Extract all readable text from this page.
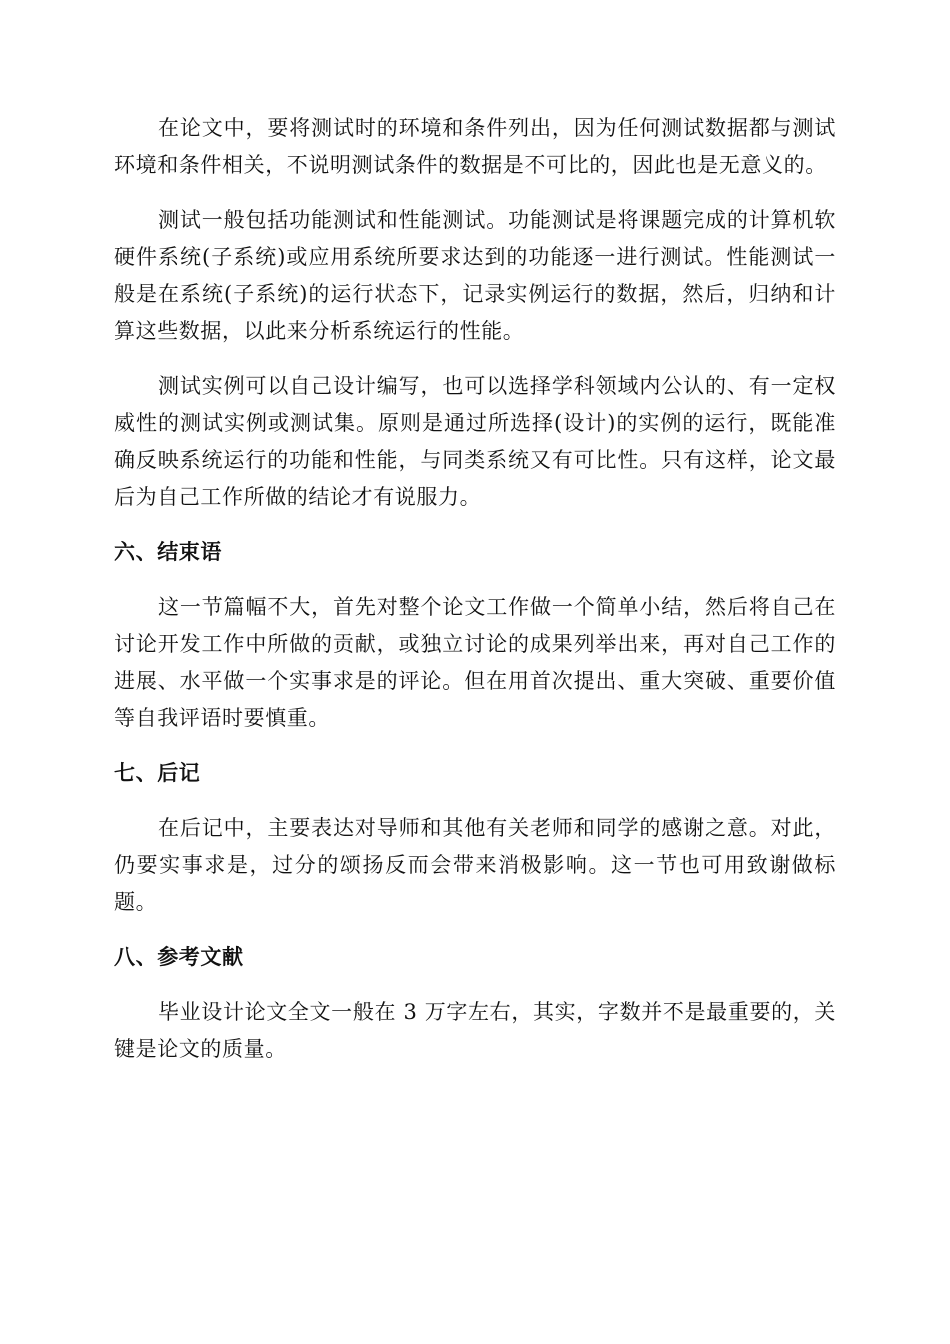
在论文中，要将测试时的环境和条件列出，因为任何测试数据都与测试环境和条件相关，不说明测试条件的数据是不可比的，因此也是无意义的。

测试一般包括功能测试和性能测试。功能测试是将课题完成的计算机软硬件系统(子系统)或应用系统所要求达到的功能逐一进行测试。性能测试一般是在系统(子系统)的运行状态下，记录实例运行的数据，然后，归纳和计算这些数据，以此来分析系统运行的性能。

测试实例可以自己设计编写，也可以选择学科领域内公认的、有一定权威性的测试实例或测试集。原则是通过所选择(设计)的实例的运行，既能准确反映系统运行的功能和性能，与同类系统又有可比性。只有这样，论文最后为自己工作所做的结论才有说服力。

六、结束语

这一节篇幅不大，首先对整个论文工作做一个简单小结，然后将自己在讨论开发工作中所做的贡献，或独立讨论的成果列举出来，再对自己工作的进展、水平做一个实事求是的评论。但在用首次提出、重大突破、重要价值等自我评语时要慎重。

七、后记

在后记中，主要表达对导师和其他有关老师和同学的感谢之意。对此，仍要实事求是，过分的颂扬反而会带来消极影响。这一节也可用致谢做标题。

八、参考文献

毕业设计论文全文一般在 3 万字左右，其实，字数并不是最重要的，关键是论文的质量。
